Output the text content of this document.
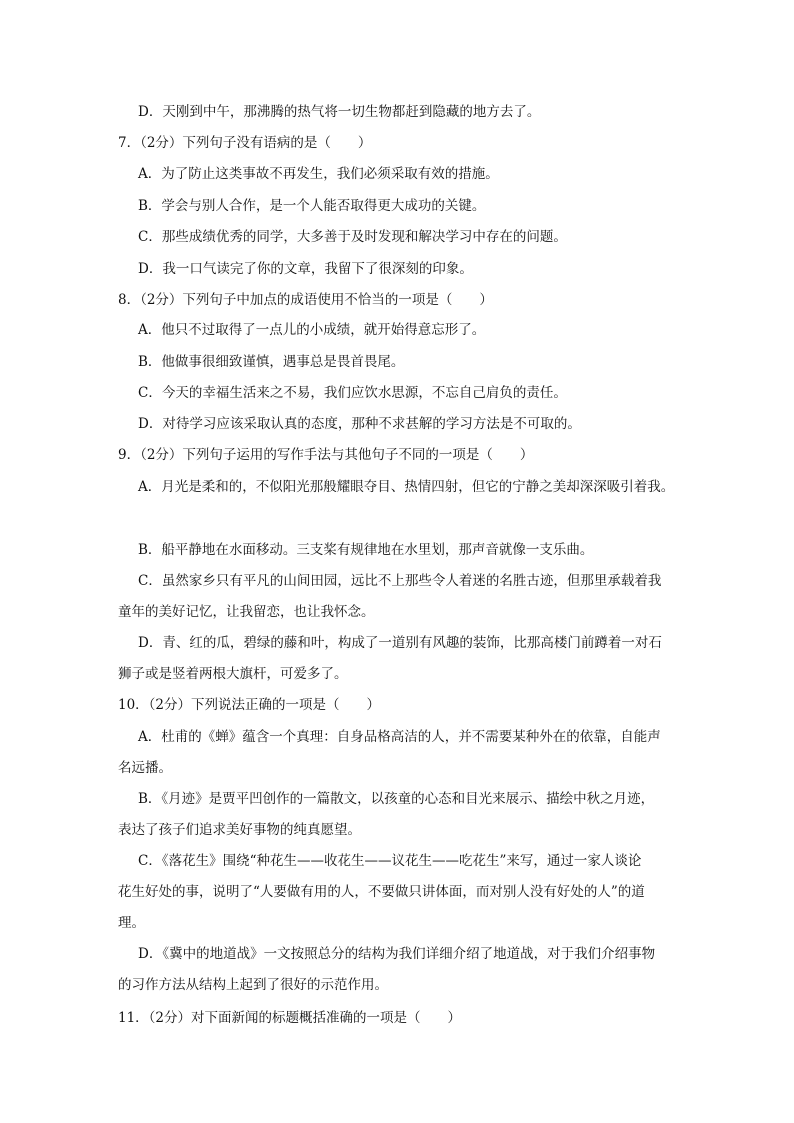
D．天刚到中午，那沸腾的热气将一切生物都赶到隐藏的地方去了。
7．（2分）下列句子没有语病的是（　　）
A．为了防止这类事故不再发生，我们必须采取有效的措施。
B．学会与别人合作，是一个人能否取得更大成功的关键。
C．那些成绩优秀的同学，大多善于及时发现和解决学习中存在的问题。
D．我一口气读完了你的文章，我留下了很深刻的印象。
8．（2分）下列句子中加点的成语使用不恰当的一项是（　　）
A．他只不过取得了一点儿的小成绩，就开始得意忘形了。
B．他做事很细致谨慎，遇事总是畏首畏尾。
C．今天的幸福生活来之不易，我们应饮水思源，不忘自己肩负的责任。
D．对待学习应该采取认真的态度，那种不求甚解的学习方法是不可取的。
9．（2分）下列句子运用的写作手法与其他句子不同的一项是（　　）
A．月光是柔和的，不似阳光那般耀眼夺目、热情四射，但它的宁静之美却深深吸引着我。
B．船平静地在水面移动。三支桨有规律地在水里划，那声音就像一支乐曲。
C．虽然家乡只有平凡的山间田园，远比不上那些令人着迷的名胜古迹，但那里承载着我
童年的美好记忆，让我留恋，也让我怀念。
D．青、红的瓜，碧绿的藤和叶，构成了一道别有风趣的装饰，比那高楼门前蹲着一对石
狮子或是竖着两根大旗杆，可爱多了。
10．（2分）下列说法正确的一项是（　　）
A．杜甫的《蝉》蕴含一个真理：自身品格高洁的人，并不需要某种外在的依靠，自能声
名远播。
B．《月迹》是贾平凹创作的一篇散文，以孩童的心态和目光来展示、描绘中秋之月迹，
表达了孩子们追求美好事物的纯真愿望。
C．《落花生》围绕“种花生——收花生——议花生——吃花生”来写，通过一家人谈论
花生好处的事，说明了“人要做有用的人，不要做只讲体面，而对别人没有好处的人”的道
理。
D．《冀中的地道战》一文按照总分的结构为我们详细介绍了地道战，对于我们介绍事物
的习作方法从结构上起到了很好的示范作用。
11．（2分）对下面新闻的标题概括准确的一项是（　　）
